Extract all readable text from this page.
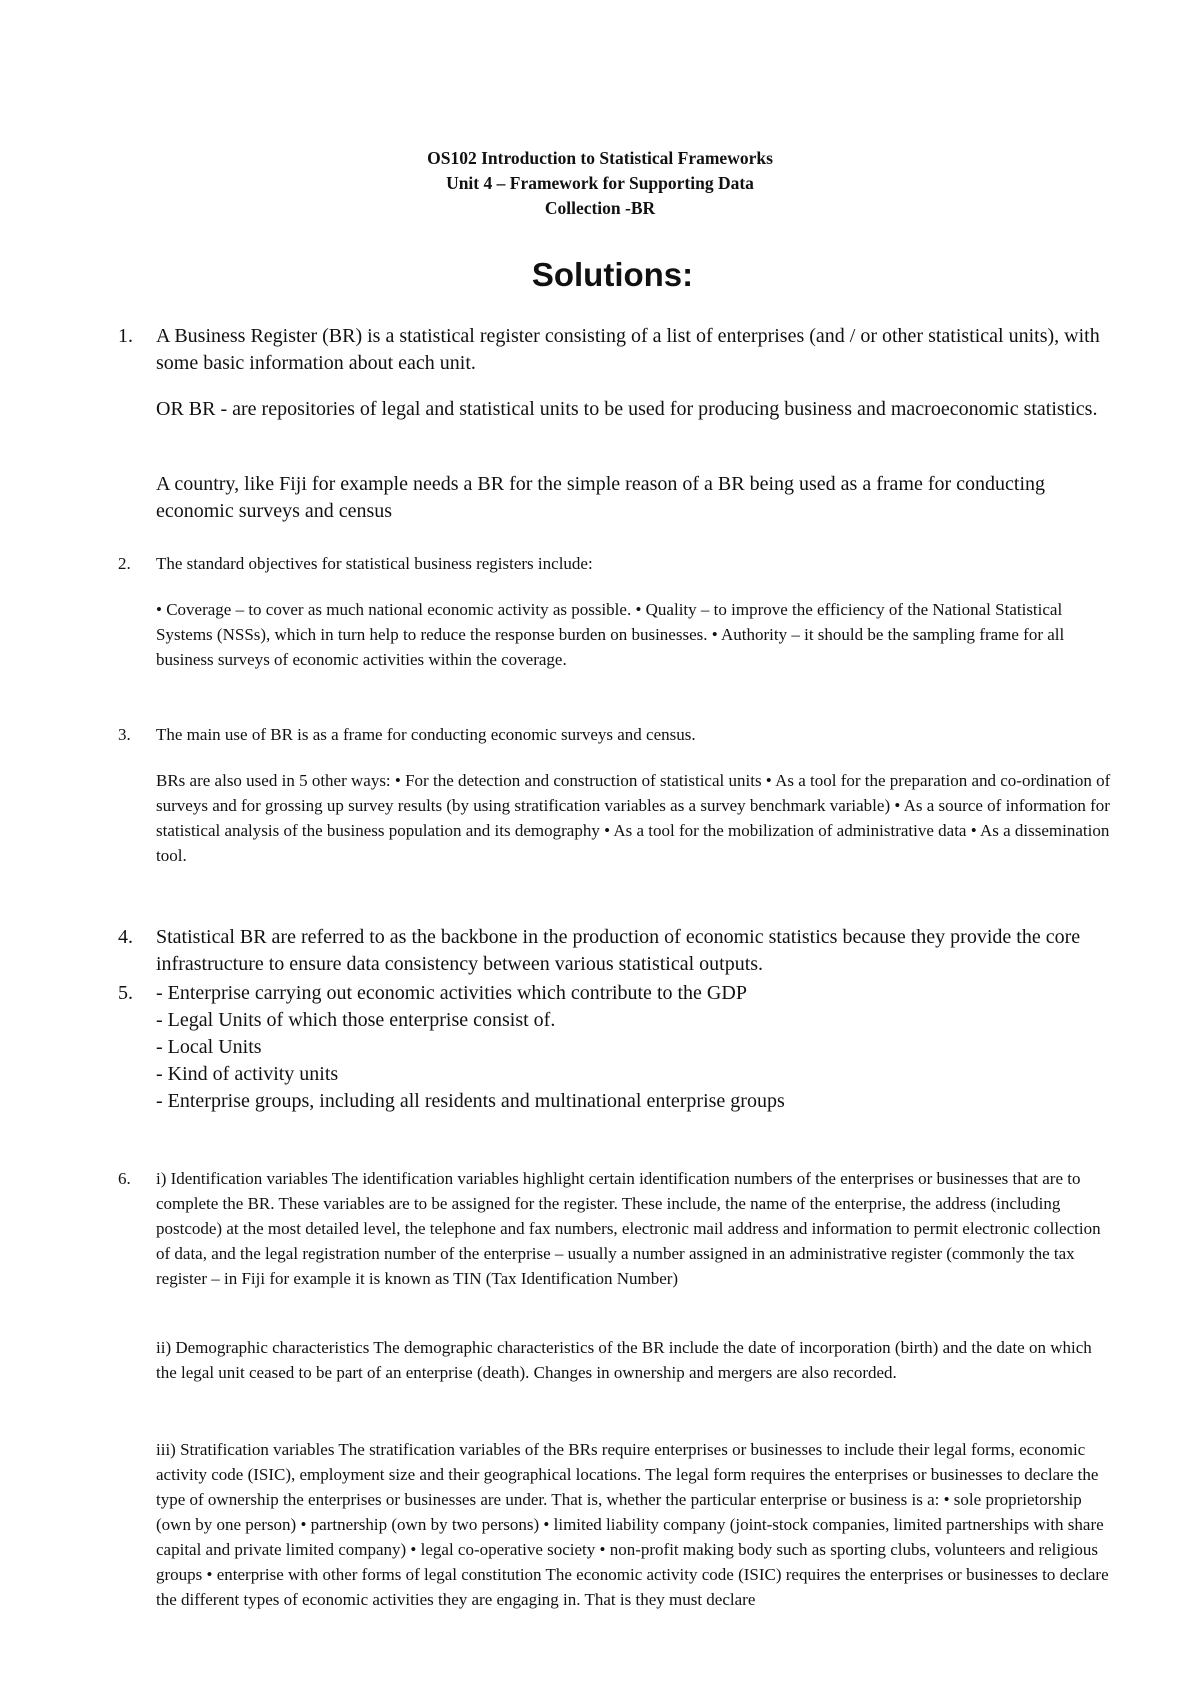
OS102 Introduction to Statistical Frameworks
Unit 4 – Framework for Supporting Data
Collection -BR
Solutions:
1. A Business Register (BR) is a statistical register consisting of a list of enterprises (and / or other statistical units), with some basic information about each unit.

OR BR - are repositories of legal and statistical units to be used for producing business and macroeconomic statistics.

A country, like Fiji for example needs a BR for the simple reason of a BR being used as a frame for conducting economic surveys and census

2. The standard objectives for statistical business registers include:

• Coverage – to cover as much national economic activity as possible. • Quality – to improve the efficiency of the National Statistical Systems (NSSs), which in turn help to reduce the response burden on businesses. • Authority – it should be the sampling frame for all business surveys of economic activities within the coverage.

3. The main use of BR is as a frame for conducting economic surveys and census.

BRs are also used in 5 other ways: • For the detection and construction of statistical units • As a tool for the preparation and co-ordination of surveys and for grossing up survey results (by using stratification variables as a survey benchmark variable) • As a source of information for statistical analysis of the business population and its demography • As a tool for the mobilization of administrative data • As a dissemination tool.

4. Statistical BR are referred to as the backbone in the production of economic statistics because they provide the core infrastructure to ensure data consistency between various statistical outputs.

5. - Enterprise carrying out economic activities which contribute to the GDP
- Legal Units of which those enterprise consist of.
- Local Units
- Kind of activity units
- Enterprise groups, including all residents and multinational enterprise groups
6. i) Identification variables The identification variables highlight certain identification numbers of the enterprises or businesses that are to complete the BR. These variables are to be assigned for the register. These include, the name of the enterprise, the address (including postcode) at the most detailed level, the telephone and fax numbers, electronic mail address and information to permit electronic collection of data, and the legal registration number of the enterprise – usually a number assigned in an administrative register (commonly the tax register – in Fiji for example it is known as TIN (Tax Identification Number)

ii) Demographic characteristics The demographic characteristics of the BR include the date of incorporation (birth) and the date on which the legal unit ceased to be part of an enterprise (death). Changes in ownership and mergers are also recorded.

iii) Stratification variables The stratification variables of the BRs require enterprises or businesses to include their legal forms, economic activity code (ISIC), employment size and their geographical locations. The legal form requires the enterprises or businesses to declare the type of ownership the enterprises or businesses are under. That is, whether the particular enterprise or business is a: • sole proprietorship (own by one person) • partnership (own by two persons) • limited liability company (joint-stock companies, limited partnerships with share capital and private limited company) • legal co-operative society • non-profit making body such as sporting clubs, volunteers and religious groups • enterprise with other forms of legal constitution The economic activity code (ISIC) requires the enterprises or businesses to declare the different types of economic activities they are engaging in. That is they must declare
